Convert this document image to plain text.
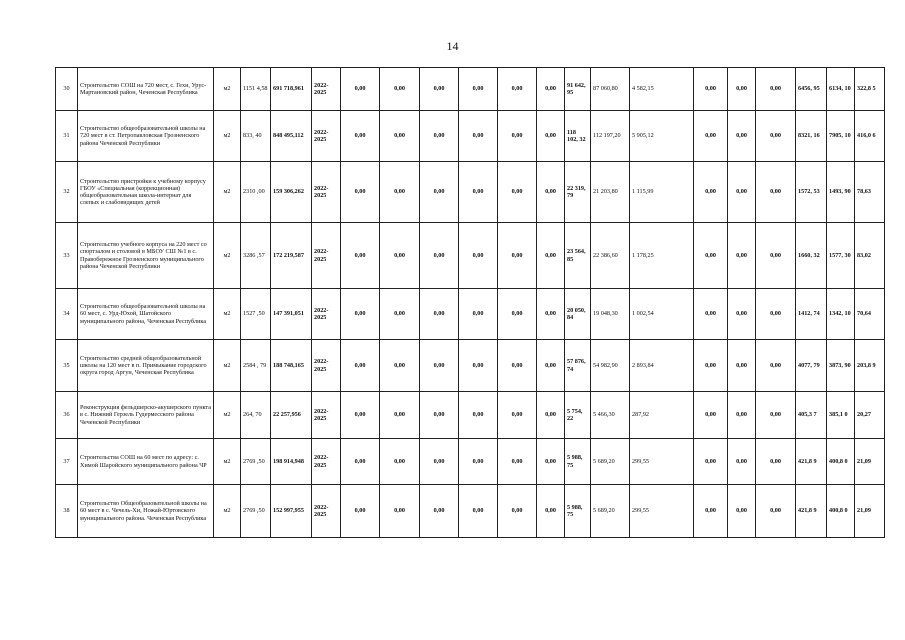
14
30	Строительство СОШ на 720 мест, с. Гехи, Урус-Мартановский район, Чеченская Республика	м2	1151 4,58	691 718,961	2022-2025	0,00	0,00	0,00	0,00	0,00	0,00	91 642, 95	87 060,80	4 582,15	0,00	0,00	0,00	6456, 95	6134, 10	322,8 5
31	Строительство общеобразовательной школы на 720 мест в ст. Петропавловская Грозненского района Чеченской Республики	м2	833, 40	848 495,112	2022-2025	0,00	0,00	0,00	0,00	0,00	0,00	118 102, 32	112 197,20	5 905,12	0,00	0,00	0,00	8321, 16	7905, 10	416,0 6
32	Строительство пристройки к учебному корпусу ГБОУ «Специальная (коррекционная) общеобразовательная школа-интернат для слепых и слабовидящих детей	м2	2310 ,00	159 306,262	2022-2025	0,00	0,00	0,00	0,00	0,00	0,00	22 319, 79	21 203,80	1 115,99	0,00	0,00	0,00	1572, 53	1493, 90	78,63
33	Строительство учебного корпуса на 220 мест со спортзалом и столовой в МБОУ СШ №1 в с. Правобережное Грозненского муниципального района Чеченской Республики	м2	3286 ,57	172 219,587	2022-2025	0,00	0,00	0,00	0,00	0,00	0,00	23 564, 85	22 386,60	1 178,25	0,00	0,00	0,00	1660, 32	1577, 30	83,02
34	Строительство общеобразовательной школы на 60 мест, с. Урд-Юхой, Шатойского муниципального района, Чеченская Республика	м2	1527 ,50	147 391,051	2022-2025	0,00	0,00	0,00	0,00	0,00	0,00	20 050, 84	19 048,30	1 002,54	0,00	0,00	0,00	1412, 74	1342, 10	70,64
35	Строительство средней общеобразовательной школы на 120 мест в п. Примыкание городского округа город Аргун, Чеченская Республика	м2	2584 , 79	188 748,165	2022-2025	0,00	0,00	0,00	0,00	0,00	0,00	57 876, 74	54 982,90	2 893,84	0,00	0,00	0,00	4077, 79	3873, 90	203,8 9
36	Реконструкция фельдшерско-акушерского пункта в с. Нижний Герзель Гудермесского района Чеченской Республики	м2	264, 70	22 257,956	2022-2025	0,00	0,00	0,00	0,00	0,00	0,00	5 754, 22	5 466,30	287,92	0,00	0,00	0,00	405,3 7	385,1 0	20,27
37	Строительства СОШ на 60 мест по адресу: с. Химой Шаройского муниципального района ЧР	м2	2769 ,50	198 914,948	2022-2025	0,00	0,00	0,00	0,00	0,00	0,00	5 988, 75	5 689,20	299,55	0,00	0,00	0,00	421,8 9	400,8 0	21,09
38	Строительство Общеобразовательной школы на 60 мест в с. Чечель-Хи, Ножай-Юртовского муниципального района. Чеченская Республика	м2	2769 ,50	152 997,955	2022-2025	0,00	0,00	0,00	0,00	0,00	0,00	5 988, 75	5 689,20	299,55	0,00	0,00	0,00	421,8 9	400,8 0	21,09
